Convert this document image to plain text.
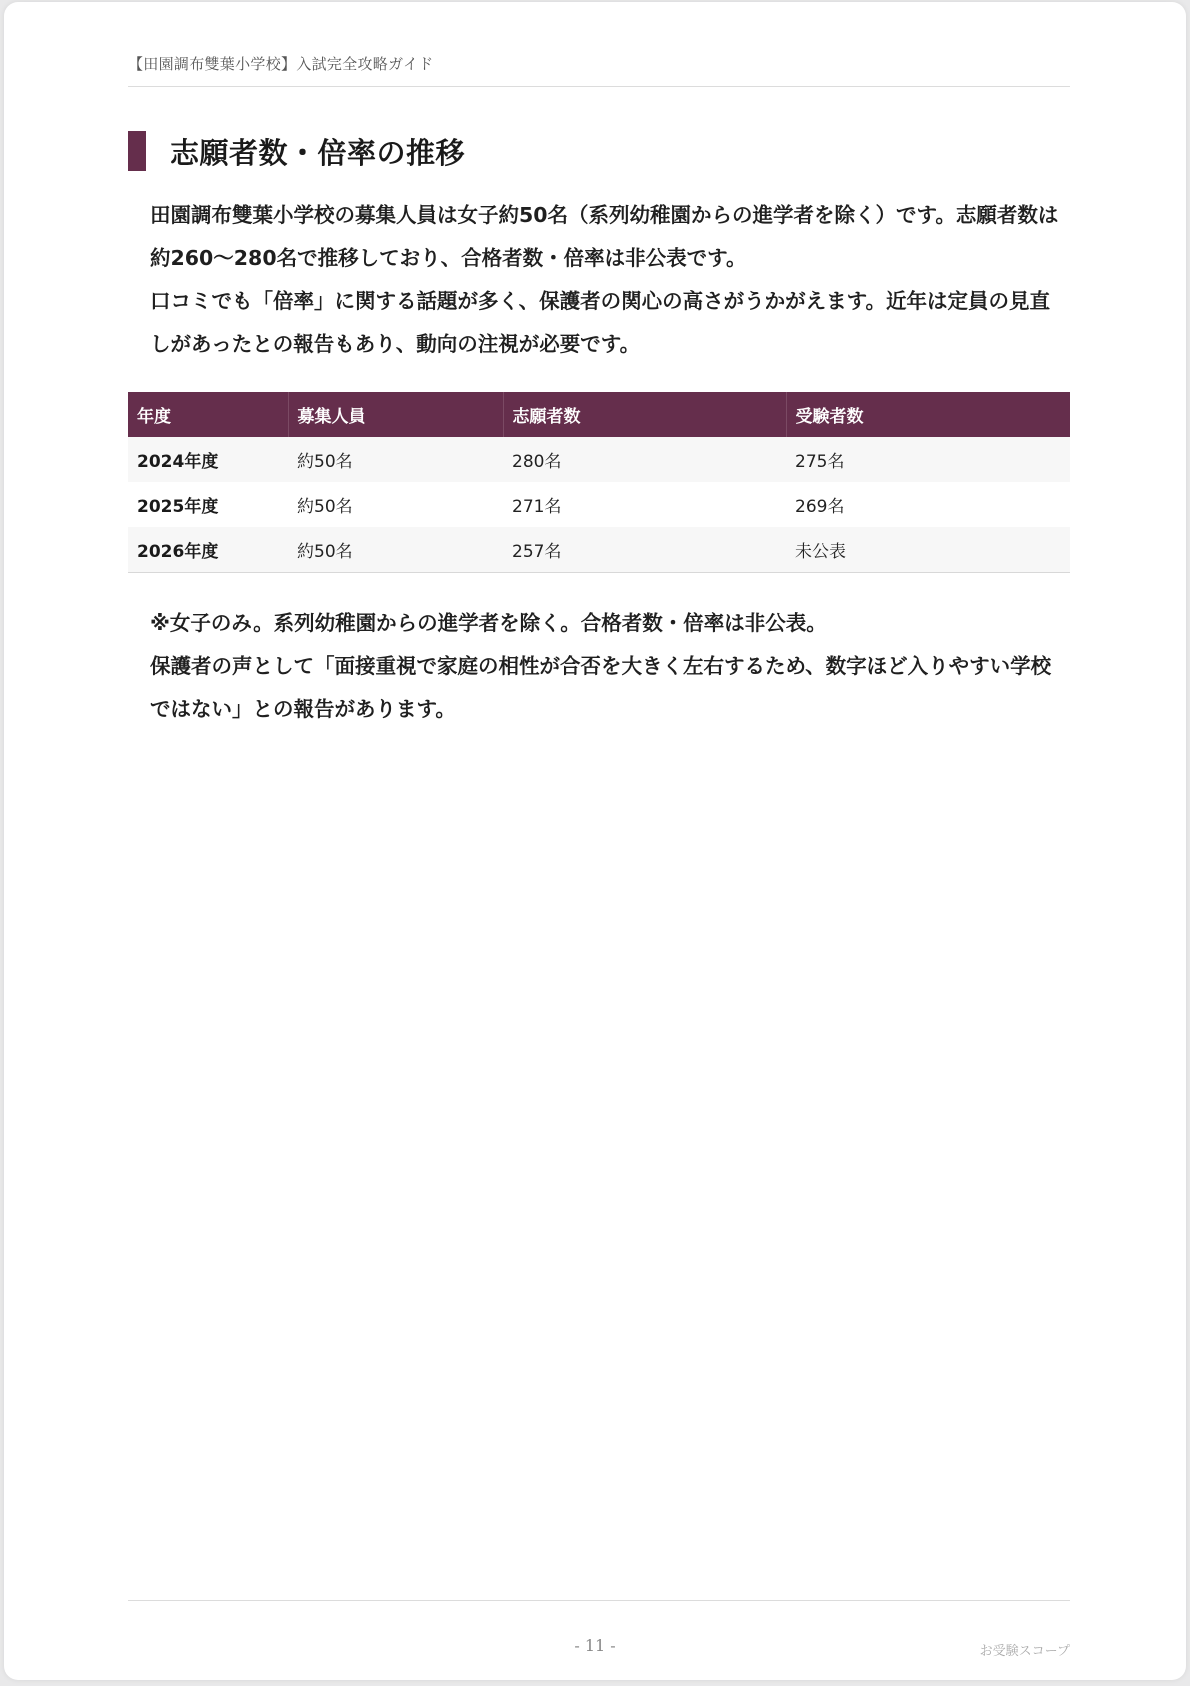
【田園調布雙葉小学校】入試完全攻略ガイド
志願者数・倍率の推移

田園調布雙葉小学校の募集人員は女子約50名（系列幼稚園からの進学者を除く）です。志願者数は約260〜280名で推移しており、合格者数・倍率は非公表です。

口コミでも「倍率」に関する話題が多く、保護者の関心の高さがうかがえます。近年は定員の見直しがあったとの報告もあり、動向の注視が必要です。

年度	募集人員	志願者数	受験者数
2024年度	約50名	280名	275名
2025年度	約50名	271名	269名
2026年度	約50名	257名	未公表

※女子のみ。系列幼稚園からの進学者を除く。合格者数・倍率は非公表。

保護者の声として「面接重視で家庭の相性が合否を大きく左右するため、数字ほど入りやすい学校ではない」との報告があります。

- 11 -	お受験スコープ
